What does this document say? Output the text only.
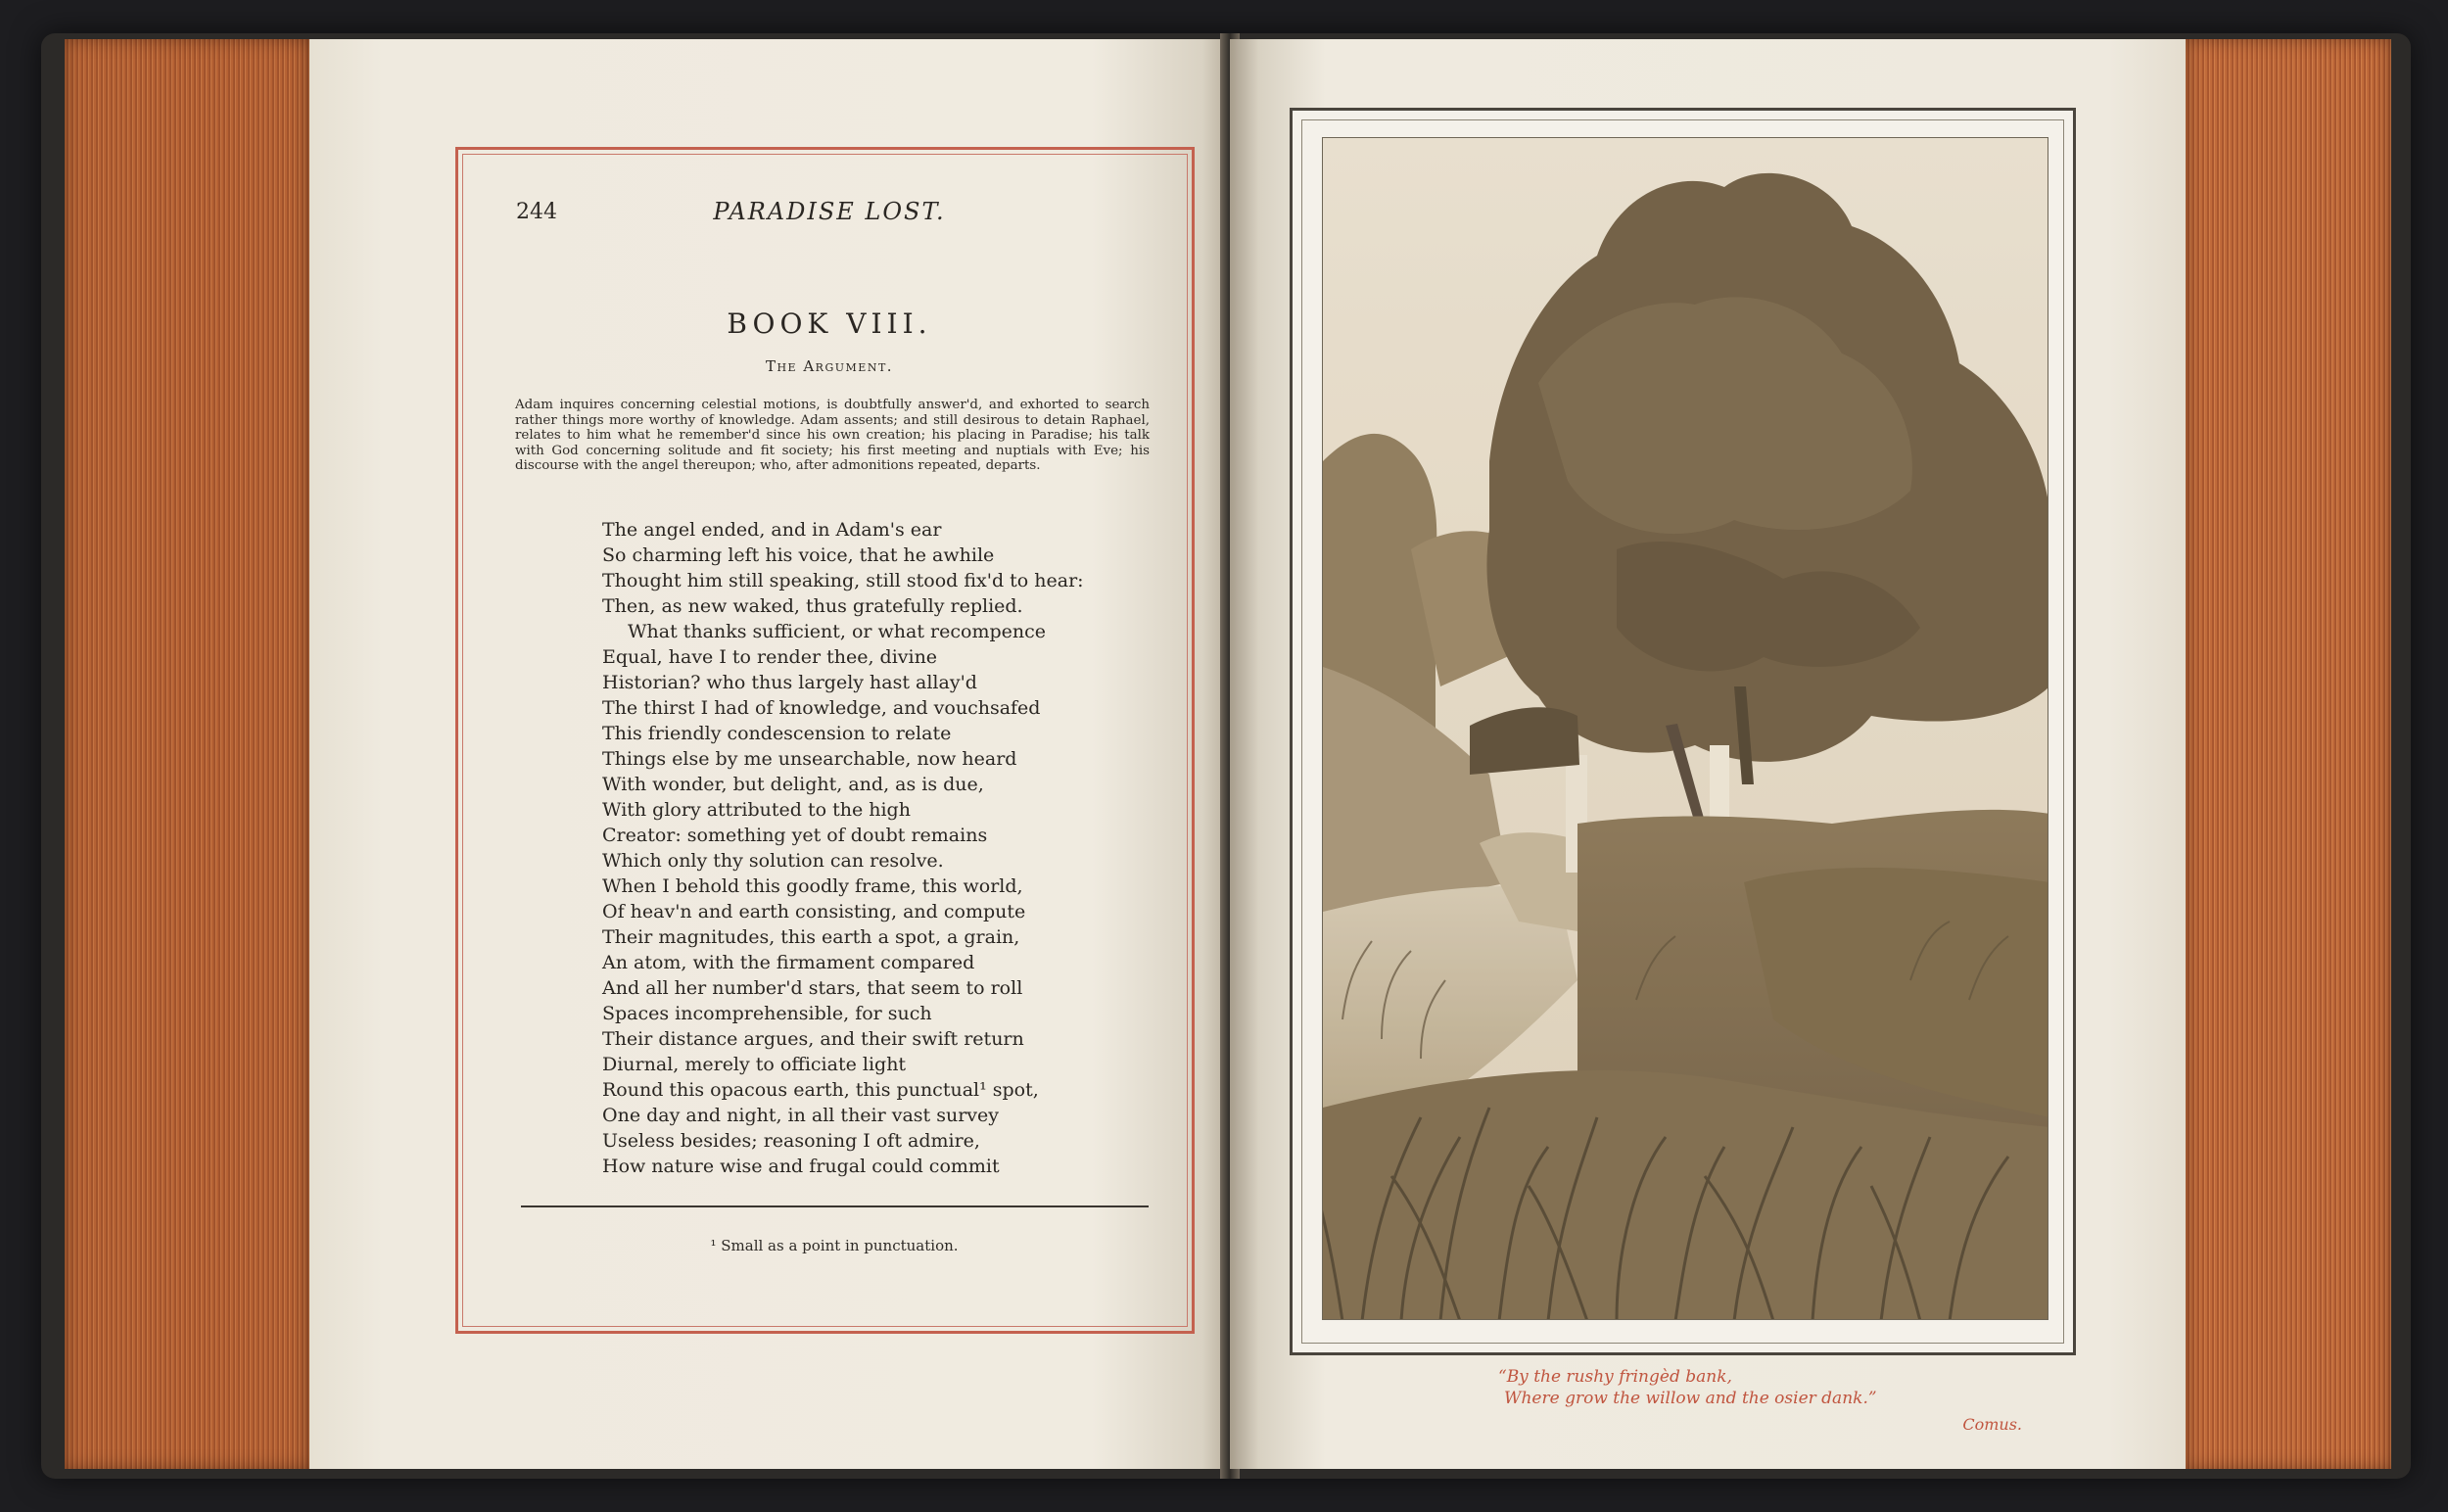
244	PARADISE LOST.
BOOK VIII.
The Argument.
Adam inquires concerning celestial motions, is doubtfully answer'd, and exhorted to search rather things more worthy of knowledge. Adam assents; and still desirous to detain Raphael, relates to him what he remember'd since his own creation; his placing in Paradise; his talk with God concerning solitude and fit society; his first meeting and nuptials with Eve; his discourse with the angel thereupon; who, after admonitions repeated, departs.
The angel ended, and in Adam's ear
So charming left his voice, that he awhile
Thought him still speaking, still stood fix'd to hear:
Then, as new waked, thus gratefully replied.
What thanks sufficient, or what recompence
Equal, have I to render thee, divine
Historian? who thus largely hast allay'd
The thirst I had of knowledge, and vouchsafed
This friendly condescension to relate
Things else by me unsearchable, now heard
With wonder, but delight, and, as is due,
With glory attributed to the high
Creator: something yet of doubt remains
Which only thy solution can resolve.
When I behold this goodly frame, this world,
Of heav'n and earth consisting, and compute
Their magnitudes, this earth a spot, a grain,
An atom, with the firmament compared
And all her number'd stars, that seem to roll
Spaces incomprehensible, for such
Their distance argues, and their swift return
Diurnal, merely to officiate light
Round this opacous earth, this punctual¹ spot,
One day and night, in all their vast survey
Useless besides; reasoning I oft admire,
How nature wise and frugal could commit
¹ Small as a point in punctuation.
“By the rushy fringèd bank,
Where grow the willow and the osier dank.”
Comus.
